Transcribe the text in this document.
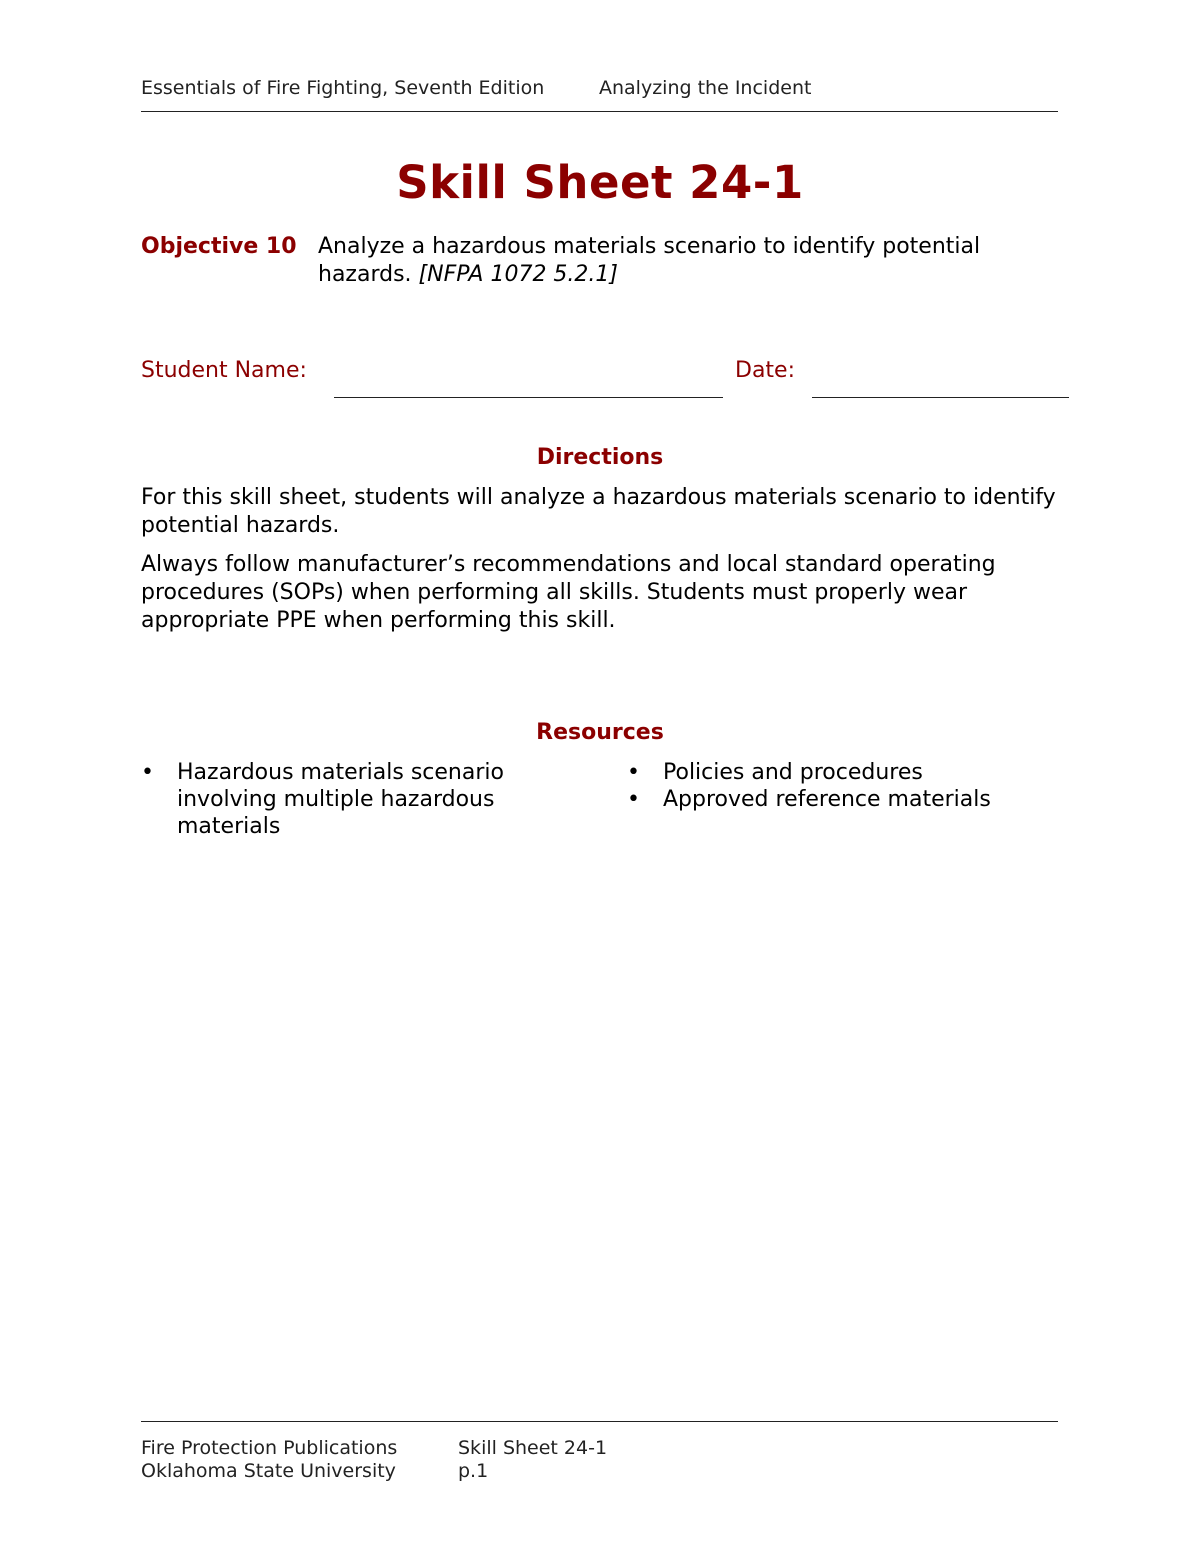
Essentials of Fire Fighting, Seventh Edition	Analyzing the Incident
Skill Sheet 24-1
Objective 10 Analyze a hazardous materials scenario to identify potential hazards. [NFPA 1072 5.2.1]
Student Name:	Date:
Directions
For this skill sheet, students will analyze a hazardous materials scenario to identify potential hazards.
Always follow manufacturer’s recommendations and local standard operating procedures (SOPs) when performing all skills. Students must properly wear appropriate PPE when performing this skill.
Resources
•	Hazardous materials scenario involving multiple hazardous materials
•	Policies and procedures
•	Approved reference materials
Fire Protection Publications
Oklahoma State University
Skill Sheet 24-1
p.1
